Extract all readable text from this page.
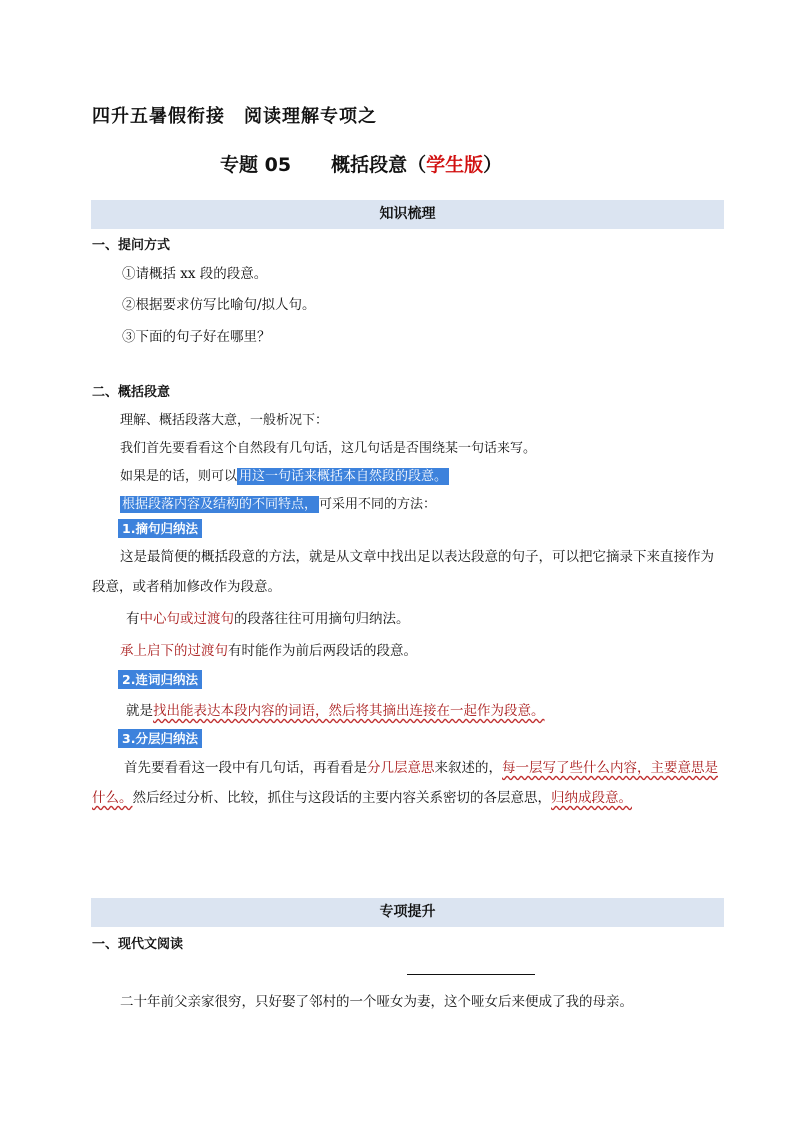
四升五暑假衔接　阅读理解专项之
专题 05 概括段意（学生版）
知识梳理
一、提问方式
①请概括 xx 段的段意。
②根据要求仿写比喻句/拟人句。
③下面的句子好在哪里？
二、概括段意
理解、概括段落大意，一般析况下：
我们首先要看看这个自然段有几句话，这几句话是否围绕某一句话来写。
如果是的话，则可以 用这一句话来概括本自然段的段意。
根据段落内容及结构的不同特点， 可采用不同的方法：
1.摘句归纳法
这是最简便的概括段意的方法，就是从文章中找出足以表达段意的句子，可以把它摘录下来直接作为段意，或者稍加修改作为段意。
有中心句或过渡句的段落往往可用摘句归纳法。
承上启下的过渡句有时能作为前后两段话的段意。
2.连词归纳法
就是找出能表达本段内容的词语，然后将其摘出连接在一起作为段意。
3.分层归纳法
首先要看看这一段中有几句话，再看看是分几层意思来叙述的，每一层写了些什么内容，主要意思是什么。然后经过分析、比较，抓住与这段话的主要内容关系密切的各层意思，归纳成段意。
专项提升
一、现代文阅读
二十年前父亲家很穷，只好娶了邻村的一个哑女为妻，这个哑女后来便成了我的母亲。
